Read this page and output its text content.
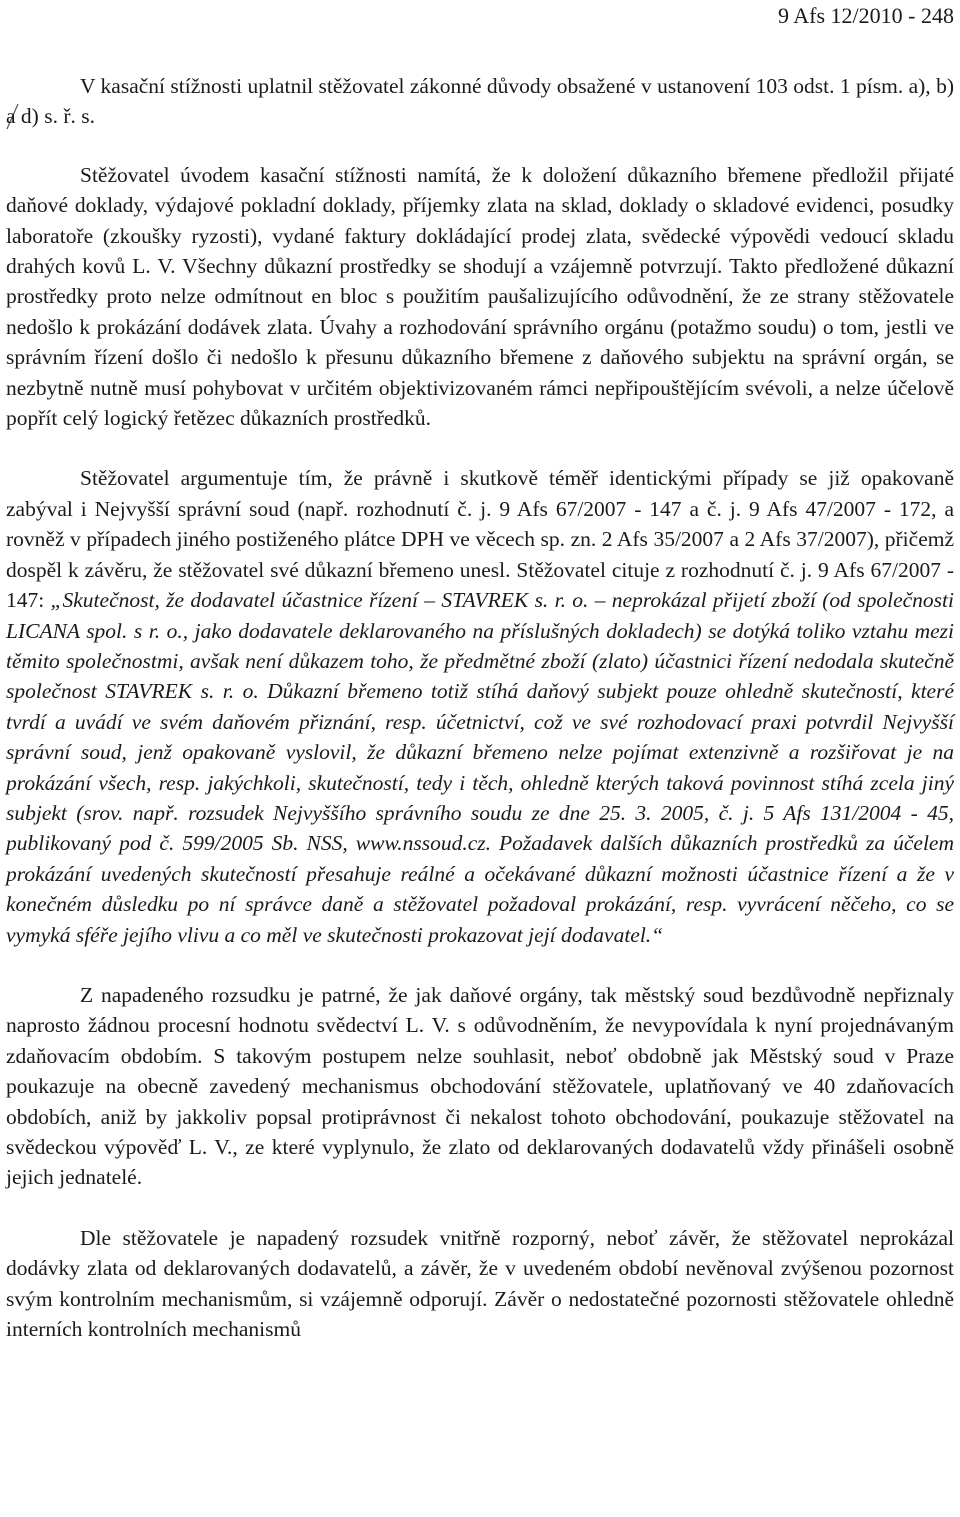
9 Afs 12/2010 - 248

V kasační stížnosti uplatnil stěžovatel zákonné důvody obsažené v ustanovení 103 odst. 1 písm. a), b) a d) s. ř. s.

Stěžovatel úvodem kasační stížnosti namítá, že k doložení důkazního břemene předložil přijaté daňové doklady, výdajové pokladní doklady, příjemky zlata na sklad, doklady o skladové evidenci, posudky laboratoře (zkoušky ryzosti), vydané faktury dokládající prodej zlata, svědecké výpovědi vedoucí skladu drahých kovů L. V. Všechny důkazní prostředky se shodují a vzájemně potvrzují. Takto předložené důkazní prostředky proto nelze odmítnout en bloc s použitím paušalizujícího odůvodnění, že ze strany stěžovatele nedošlo k prokázání dodávek zlata. Úvahy a rozhodování správního orgánu (potažmo soudu) o tom, jestli ve správním řízení došlo či nedošlo k přesunu důkazního břemene z daňového subjektu na správní orgán, se nezbytně nutně musí pohybovat v určitém objektivizovaném rámci nepřipouštějícím svévoli, a nelze účelově popřít celý logický řetězec důkazních prostředků.

Stěžovatel argumentuje tím, že právně i skutkově téměř identickými případy se již opakovaně zabýval i Nejvyšší správní soud (např. rozhodnutí č. j. 9 Afs 67/2007 - 147 a č. j. 9 Afs 47/2007 - 172, a rovněž v případech jiného postiženého plátce DPH ve věcech sp. zn. 2 Afs 35/2007 a 2 Afs 37/2007), přičemž dospěl k závěru, že stěžovatel své důkazní břemeno unesl. Stěžovatel cituje z rozhodnutí č. j. 9 Afs 67/2007 - 147: „Skutečnost, že dodavatel účastnice řízení – STAVREK s. r. o. – neprokázal přijetí zboží (od společnosti LICANA spol. s r. o., jako dodavatele deklarovaného na příslušných dokladech) se dotýká toliko vztahu mezi těmito společnostmi, avšak není důkazem toho, že předmětné zboží (zlato) účastnici řízení nedodala skutečně společnost STAVREK s. r. o. Důkazní břemeno totiž stíhá daňový subjekt pouze ohledně skutečností, které tvrdí a uvádí ve svém daňovém přiznání, resp. účetnictví, což ve své rozhodovací praxi potvrdil Nejvyšší správní soud, jenž opakovaně vyslovil, že důkazní břemeno nelze pojímat extenzivně a rozšiřovat je na prokázání všech, resp. jakýchkoli, skutečností, tedy i těch, ohledně kterých taková povinnost stíhá zcela jiný subjekt (srov. např. rozsudek Nejvyššího správního soudu ze dne 25. 3. 2005, č. j. 5 Afs 131/2004 - 45, publikovaný pod č. 599/2005 Sb. NSS, www.nssoud.cz. Požadavek dalších důkazních prostředků za účelem prokázání uvedených skutečností přesahuje reálné a očekávané důkazní možnosti účastnice řízení a že v konečném důsledku po ní správce daně a stěžovatel požadoval prokázání, resp. vyvrácení něčeho, co se vymyká sféře jejího vlivu a co měl ve skutečnosti prokazovat její dodavatel.“

Z napadeného rozsudku je patrné, že jak daňové orgány, tak městský soud bezdůvodně nepřiznaly naprosto žádnou procesní hodnotu svědectví L. V. s odůvodněním, že nevypovídala k nyní projednávaným zdaňovacím obdobím. S takovým postupem nelze souhlasit, neboť obdobně jak Městský soud v Praze poukazuje na obecně zavedený mechanismus obchodování stěžovatele, uplatňovaný ve 40 zdaňovacích obdobích, aniž by jakkoliv popsal protiprávnost či nekalost tohoto obchodování, poukazuje stěžovatel na svědeckou výpověď L. V., ze které vyplynulo, že zlato od deklarovaných dodavatelů vždy přinášeli osobně jejich jednatelé.

Dle stěžovatele je napadený rozsudek vnitřně rozporný, neboť závěr, že stěžovatel neprokázal dodávky zlata od deklarovaných dodavatelů, a závěr, že v uvedeném období nevěnoval zvýšenou pozornost svým kontrolním mechanismům, si vzájemně odporují. Závěr o nedostatečné pozornosti stěžovatele ohledně interních kontrolních mechanismů
